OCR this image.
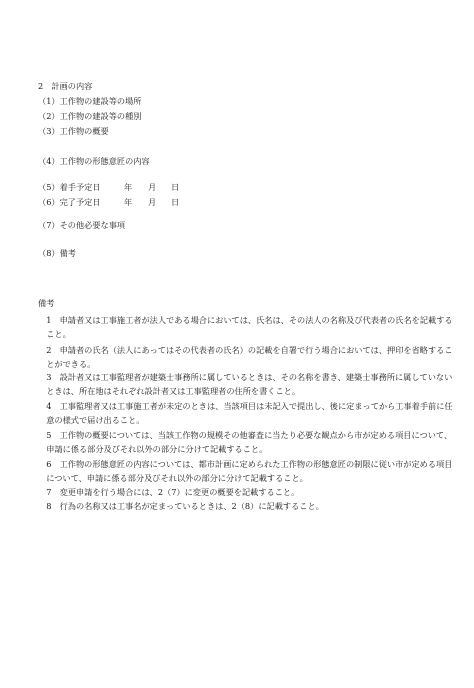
2　計画の内容
（1）工作物の建設等の場所
（2）工作物の建設等の種別
（3）工作物の概要
（4）工作物の形態意匠の内容
（5）着手予定日	年 月 日
（6）完了予定日	年 月 日
（7）その他必要な事項
（8）備考
備考
　1　申請者又は工事施工者が法人である場合においては、氏名は、その法人の名称及び代表者の氏名を記載する
　こと。
　2　申請者の氏名（法人にあってはその代表者の氏名）の記載を自署で行う場合においては、押印を省略するこ
　とができる。
　3　設計者又は工事監理者が建築士事務所に属しているときは、その名称を書き、建築士事務所に属していない
　ときは、所在地はそれぞれ設計者又は工事監理者の住所を書くこと。
　4　工事監理者又は工事施工者が未定のときは、当該項目は未記入で提出し、後に定まってから工事着手前に任
　意の様式で届け出ること。
　5　工作物の概要については、当該工作物の規模その他審査に当たり必要な観点から市が定める項目について、
　申請に係る部分及びそれ以外の部分に分けて記載すること。
　6　工作物の形態意匠の内容については、都市計画に定められた工作物の形態意匠の制限に従い市が定める項目
　について、申請に係る部分及びそれ以外の部分に分けて記載すること。
　7　変更申請を行う場合には、2（7）に変更の概要を記載すること。
　8　行為の名称又は工事名が定まっているときは、2（8）に記載すること。
